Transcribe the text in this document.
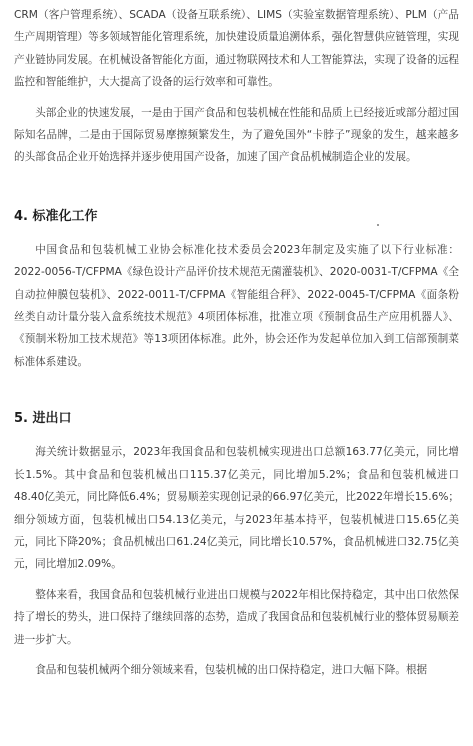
CRM（客户管理系统）、SCADA（设备互联系统）、LIMS（实验室数据管理系统）、PLM（产品生产周期管理）等多领域智能化管理系统，加快建设质量追溯体系，强化智慧供应链管理，实现产业链协同发展。在机械设备智能化方面，通过物联网技术和人工智能算法，实现了设备的远程监控和智能维护，大大提高了设备的运行效率和可靠性。

头部企业的快速发展，一是由于国产食品和包装机械在性能和品质上已经接近或部分超过国际知名品牌，二是由于国际贸易摩擦频繁发生，为了避免国外“卡脖子”现象的发生，越来越多的头部食品企业开始选择并逐步使用国产设备，加速了国产食品机械制造企业的发展。

4. 标准化工作

中国食品和包装机械工业协会标准化技术委员会2023年制定及实施了以下行业标准：2022-0056-T/CFPMA《绿色设计产品评价技术规范无菌灌装机》、2020-0031-T/CFPMA《全自动拉伸膜包装机》、2022-0011-T/CFPMA《智能组合秤》、2022-0045-T/CFPMA《面条粉丝类自动计量分装入盒系统技术规范》4项团体标准，批准立项《预制食品生产应用机器人》、《预制米粉加工技术规范》等13项团体标准。此外，协会还作为发起单位加入到工信部预制菜标准体系建设。

5. 进出口

海关统计数据显示，2023年我国食品和包装机械实现进出口总额163.77亿美元，同比增长1.5%。其中食品和包装机械出口115.37亿美元，同比增加5.2%；食品和包装机械进口48.40亿美元，同比降低6.4%；贸易顺差实现创记录的66.97亿美元，比2022年增长15.6%；细分领域方面，包装机械出口54.13亿美元，与2023年基本持平，包装机械进口15.65亿美元，同比下降20%；食品机械出口61.24亿美元，同比增长10.57%，食品机械进口32.75亿美元，同比增加2.09%。

整体来看，我国食品和包装机械行业进出口规模与2022年相比保持稳定，其中出口依然保持了增长的势头，进口保持了继续回落的态势，造成了我国食品和包装机械行业的整体贸易顺差进一步扩大。

食品和包装机械两个细分领域来看，包装机械的出口保持稳定，进口大幅下降。根据
